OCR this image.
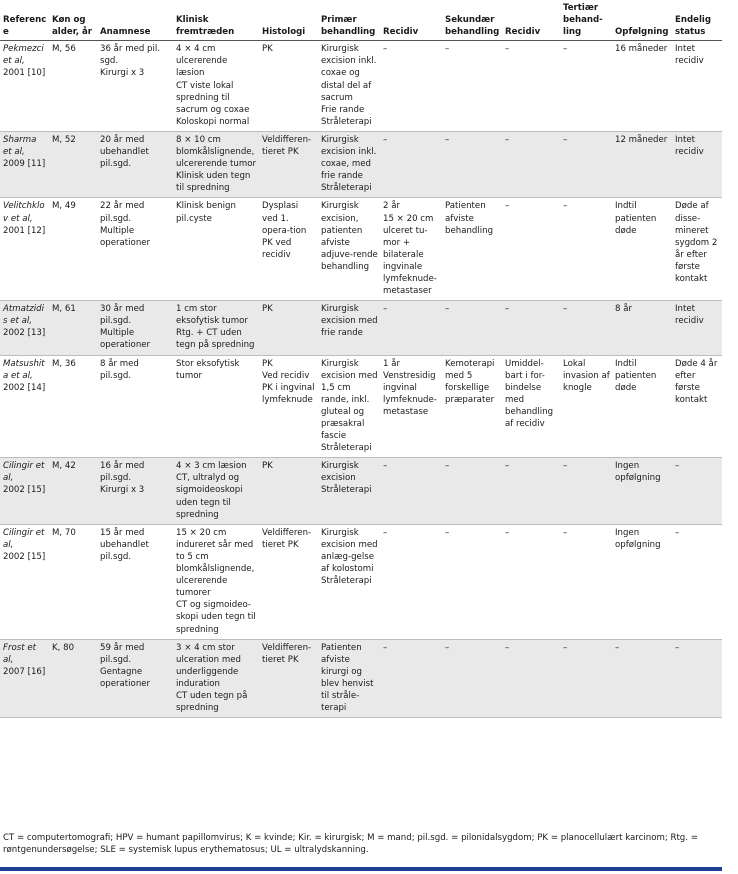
Reference	Køn og alder, år	Anamnese	Klinisk fremtræden	Histologi	Primær behandling	Recidiv	Sekundær behandling	Recidiv	Tertiær behand-ling	Opfølgning	Endelig status

Pekmezci et al,
2001 [10]	M, 56	36 år med pil. sgd.
Kirurgi x 3	4 × 4 cm ulcererende læsion
CT viste lokal spredning til sacrum og coxae
Koloskopi normal	PK	Kirurgisk excision inkl. coxae og distal del af sacrum
Frie rande
Stråleterapi	–	–	–	–	16 måneder	Intet recidiv

Sharma et al,
2009 [11]	M, 52	20 år med ubehandlet pil.sgd.	8 × 10 cm blomkålslignende, ulcererende tumor
Klinisk uden tegn til spredning	Veldifferen-tieret PK	Kirurgisk excision inkl. coxae, med frie rande
Stråleterapi	–	–	–	–	12 måneder	Intet recidiv

Velitchklov et al,
2001 [12]	M, 49	22 år med pil.sgd.
Multiple operationer	Klinisk benign pil.cyste	Dysplasi ved 1. opera-tion
PK ved recidiv	Kirurgisk excision, patienten afviste adjuve-rende behandling	2 år
15 × 20 cm ulceret tu-mor + bilaterale ingvinale lymfeknude-metastaser	Patienten afviste behandling	–	–	Indtil patienten døde	Døde af disse-mineret sygdom 2 år efter første kontakt

Atmatzidis et al,
2002 [13]	M, 61	30 år med pil.sgd.
Multiple operationer	1 cm stor eksofytisk tumor
Rtg. + CT uden tegn på spredning	PK	Kirurgisk excision med frie rande	–	–	–	–	8 år	Intet recidiv

Matsushita et al,
2002 [14]	M, 36	8 år med pil.sgd.	Stor eksofytisk tumor	PK
Ved recidiv PK i ingvinal lymfeknude	Kirurgisk excision med 1,5 cm rande, inkl. gluteal og præsakral fascie
Stråleterapi	1 år
Venstresidig ingvinal lymfeknude-metastase	Kemoterapi med 5 forskellige præparater	Umiddel-bart i for-bindelse med behandling af recidiv	Lokal invasion af knogle	Indtil patienten døde	Døde 4 år efter første kontakt

Cilingir et al,
2002 [15]	M, 42	16 år med pil.sgd.
Kirurgi x 3	4 × 3 cm læsion
CT, ultralyd og sigmoideoskopi uden tegn til spredning	PK	Kirurgisk excision
Stråleterapi	–	–	–	–	Ingen opfølgning	–

Cilingir et al,
2002 [15]	M, 70	15 år med ubehandlet pil.sgd.	15 × 20 cm indureret sår med to 5 cm blomkålslignende, ulcererende tumorer
CT og sigmoideo-skopi uden tegn til spredning	Veldifferen-tieret PK	Kirurgisk excision med anlæg-gelse af kolostomi
Stråleterapi	–	–	–	–	Ingen opfølgning	–

Frost et al,
2007 [16]	K, 80	59 år med pil.sgd.
Gentagne operationer	3 × 4 cm stor ulceration med underliggende induration
CT uden tegn på spredning	Veldifferen-tieret PK	Patienten afviste kirurgi og blev henvist til stråle-terapi	–	–	–	–	–	–
CT = computertomografi; HPV = humant papillomvirus; K = kvinde; Kir. = kirurgisk; M = mand; pil.sgd. = pilonidalsygdom; PK = planocellulært karcinom; Rtg. = røntgenundersøgelse; SLE = systemisk lupus erythematosus; UL = ultralydskanning.
